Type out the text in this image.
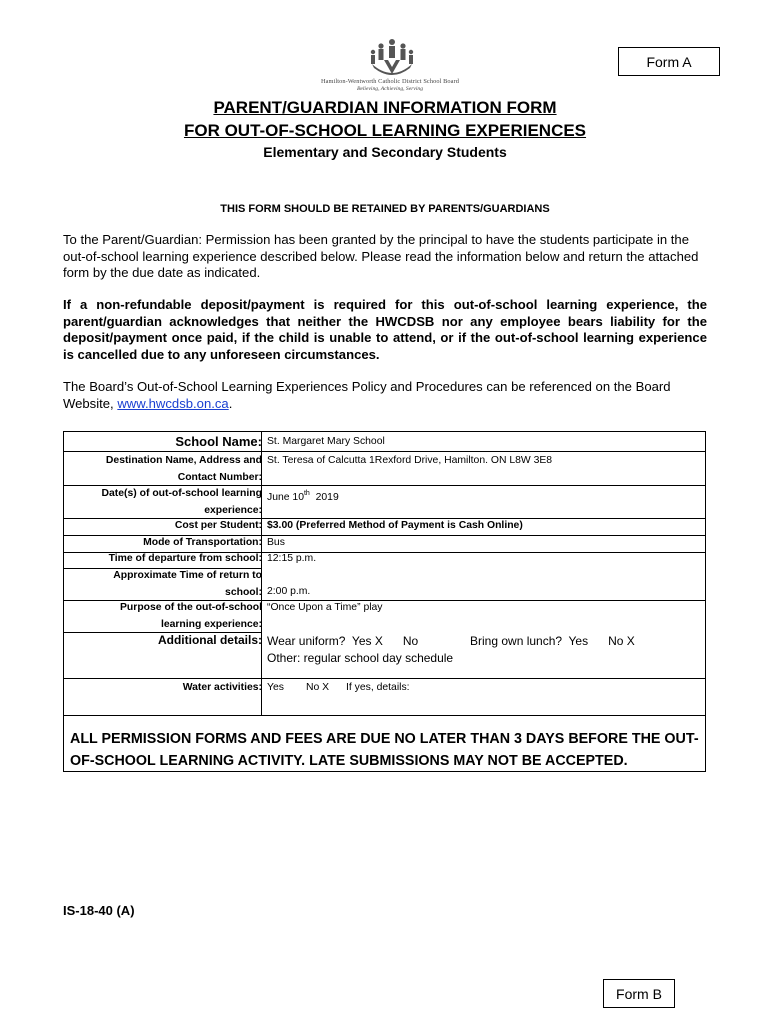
Form A
Hamilton-Wentworth Catholic District School Board
Believing, Achieving, Serving
PARENT/GUARDIAN INFORMATION FORM
FOR OUT-OF-SCHOOL LEARNING EXPERIENCES
Elementary and Secondary Students
THIS FORM SHOULD BE RETAINED BY PARENTS/GUARDIANS
To the Parent/Guardian: Permission has been granted by the principal to have the students participate in the out-of-school learning experience described below. Please read the information below and return the attached form by the due date as indicated.
If a non-refundable deposit/payment is required for this out-of-school learning experience, the parent/guardian acknowledges that neither the HWCDSB nor any employee bears liability for the deposit/payment once paid, if the child is unable to attend, or if the out-of-school learning experience is cancelled due to any unforeseen circumstances.
The Board’s Out-of-School Learning Experiences Policy and Procedures can be referenced on the Board Website, www.hwcdsb.on.ca.
School Name: St. Margaret Mary School
Destination Name, Address and
Contact Number:
St. Teresa of Calcutta 1Rexford Drive, Hamilton. ON L8W 3E8
Date(s) of out-of-school learning
experience:
June 10th  2019
Cost per Student: $3.00 (Preferred Method of Payment is Cash Online)
Mode of Transportation: Bus
Time of departure from school: 12:15 p.m.
Approximate Time of return to
school: 2:00 p.m.
Purpose of the out-of-school
learning experience:
“Once Upon a Time” play
Additional details: Wear uniform?  Yes X      No	Bring own lunch?  Yes      No X

Other: regular school day schedule
Water activities: Yes No X If yes, details:
ALL PERMISSION FORMS AND FEES ARE DUE NO LATER THAN 3 DAYS BEFORE THE OUT-OF-SCHOOL LEARNING ACTIVITY. LATE SUBMISSIONS MAY NOT BE ACCEPTED.
IS-18-40 (A)
Form B
